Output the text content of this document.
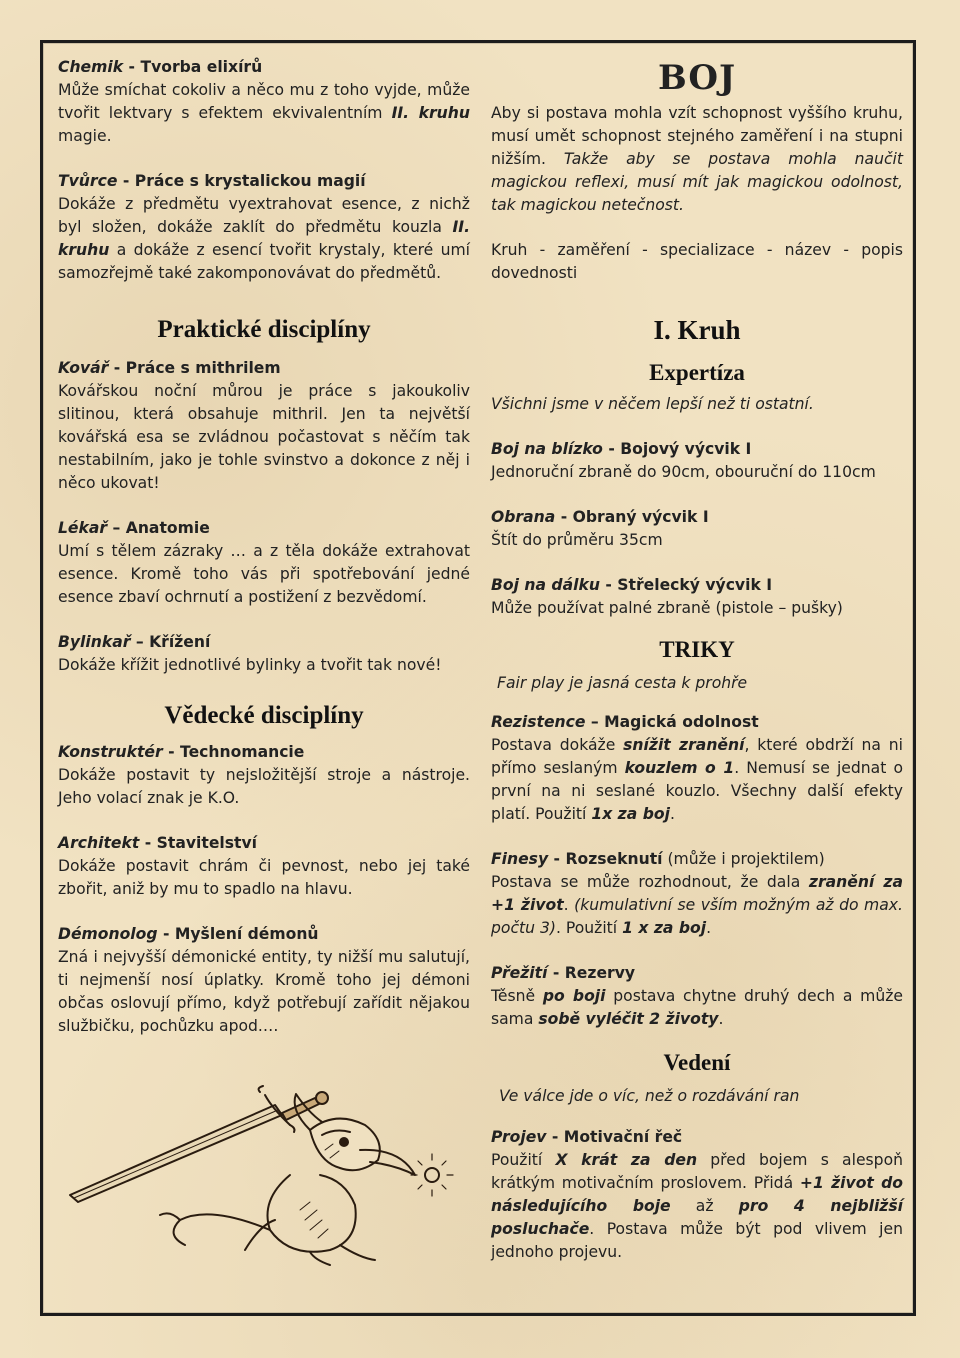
Chemik - Tvorba elixírů

Může smíchat cokoliv a něco mu z toho vyjde, může tvořit lektvary s efektem ekvivalentním II. kruhu magie.

Tvůrce - Práce s krystalickou magií

Dokáže z předmětu vyextrahovat esence, z nichž byl složen, dokáže zaklít do předmětu kouzla II. kruhu a dokáže z esencí tvořit krystaly, které umí samozřejmě také zakomponovávat do předmětů.

Praktické disciplíny

Kovář - Práce s mithrilem

Kovářskou noční můrou je práce s jakoukoliv slitinou, která obsahuje mithril. Jen ta největší kovářská esa se zvládnou počastovat s něčím tak nestabilním, jako je tohle svinstvo a dokonce z něj i něco ukovat!

Lékař – Anatomie

Umí s tělem zázraky … a z těla dokáže extrahovat esence. Kromě toho vás při spotřebování jedné esence zbaví ochrnutí a postižení z bezvědomí.

Bylinkař – Křížení

Dokáže křížit jednotlivé bylinky a tvořit tak nové!

Vědecké disciplíny

Konstruktér - Technomancie

Dokáže postavit ty nejsložitější stroje a nástroje. Jeho volací znak je K.O.

Architekt - Stavitelství

Dokáže postavit chrám či pevnost, nebo jej také zbořit, aniž by mu to spadlo na hlavu.

Démonolog - Myšlení démonů

Zná i nejvyšší démonické entity, ty nižší mu salutují, ti nejmenší nosí úplatky. Kromě toho jej démoni občas oslovují přímo, když potřebují zařídit nějakou službičku, pochůzku apod.…

BOJ

Aby si postava mohla vzít schopnost vyššího kruhu, musí umět schopnost stejného zaměření i na stupni nižším. Takže aby se postava mohla naučit magickou reflexi, musí mít jak magickou odolnost, tak magickou netečnost.

Kruh - zaměření - specializace - název - popis dovednosti

I. Kruh
Expertíza

Všichni jsme v něčem lepší než ti ostatní.

Boj na blízko - Bojový výcvik I

Jednoruční zbraně do 90cm, obouruční do 110cm

Obrana - Obraný výcvik I

Štít do průměru 35cm

Boj na dálku - Střelecký výcvik I

Může používat palné zbraně (pistole – pušky)

TRIKY

Fair play je jasná cesta k prohře

Rezistence – Magická odolnost

Postava dokáže snížit zranění, které obdrží na ni přímo seslaným kouzlem o 1. Nemusí se jednat o první na ni seslané kouzlo. Všechny další efekty platí. Použití 1x za boj.

Finesy - Rozseknutí (může i projektilem)

Postava se může rozhodnout, že dala zranění za +1 život. (kumulativní se vším možným až do max. počtu 3). Použití 1 x za boj.

Přežití - Rezervy

Těsně po boji postava chytne druhý dech a může sama sobě vyléčit 2 životy.

Vedení

Ve válce jde o víc, než o rozdávání ran

Projev - Motivační řeč

Použití X krát za den před bojem s alespoň krátkým motivačním proslovem. Přidá +1 život do následujícího boje až pro 4 nejbližší posluchače. Postava může být pod vlivem jen jednoho projevu.
